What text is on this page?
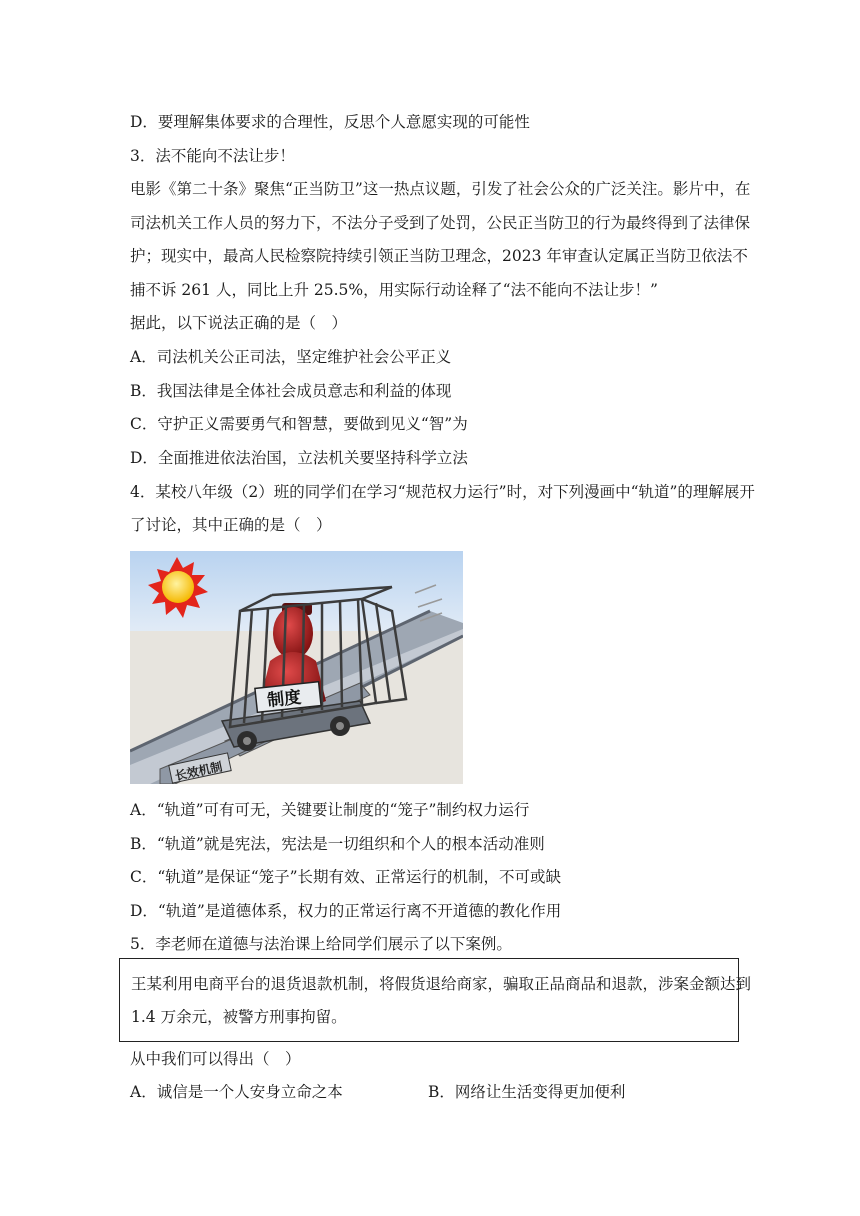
D．要理解集体要求的合理性，反思个人意愿实现的可能性
3．法不能向不法让步！
电影《第二十条》聚焦“正当防卫”这一热点议题，引发了社会公众的广泛关注。影片中，在
司法机关工作人员的努力下，不法分子受到了处罚，公民正当防卫的行为最终得到了法律保
护；现实中，最高人民检察院持续引领正当防卫理念，2023 年审查认定属正当防卫依法不
捕不诉 261 人，同比上升 25.5%，用实际行动诠释了“法不能向不法让步！”
据此，以下说法正确的是（　）
A．司法机关公正司法，坚定维护社会公平正义
B．我国法律是全体社会成员意志和利益的体现
C．守护正义需要勇气和智慧，要做到见义“智”为
D．全面推进依法治国，立法机关要坚持科学立法
4．某校八年级（2）班的同学们在学习“规范权力运行”时，对下列漫画中“轨道”的理解展开
了讨论，其中正确的是（　）
长效机制
制度
A．“轨道”可有可无，关键要让制度的“笼子”制约权力运行
B．“轨道”就是宪法，宪法是一切组织和个人的根本活动准则
C．“轨道”是保证“笼子”长期有效、正常运行的机制，不可或缺
D．“轨道”是道德体系，权力的正常运行离不开道德的教化作用
5．李老师在道德与法治课上给同学们展示了以下案例。
王某利用电商平台的退货退款机制，将假货退给商家，骗取正品商品和退款，涉案金额达到
1.4 万余元，被警方刑事拘留。
从中我们可以得出（　）
A．诚信是一个人安身立命之本	B．网络让生活变得更加便利
